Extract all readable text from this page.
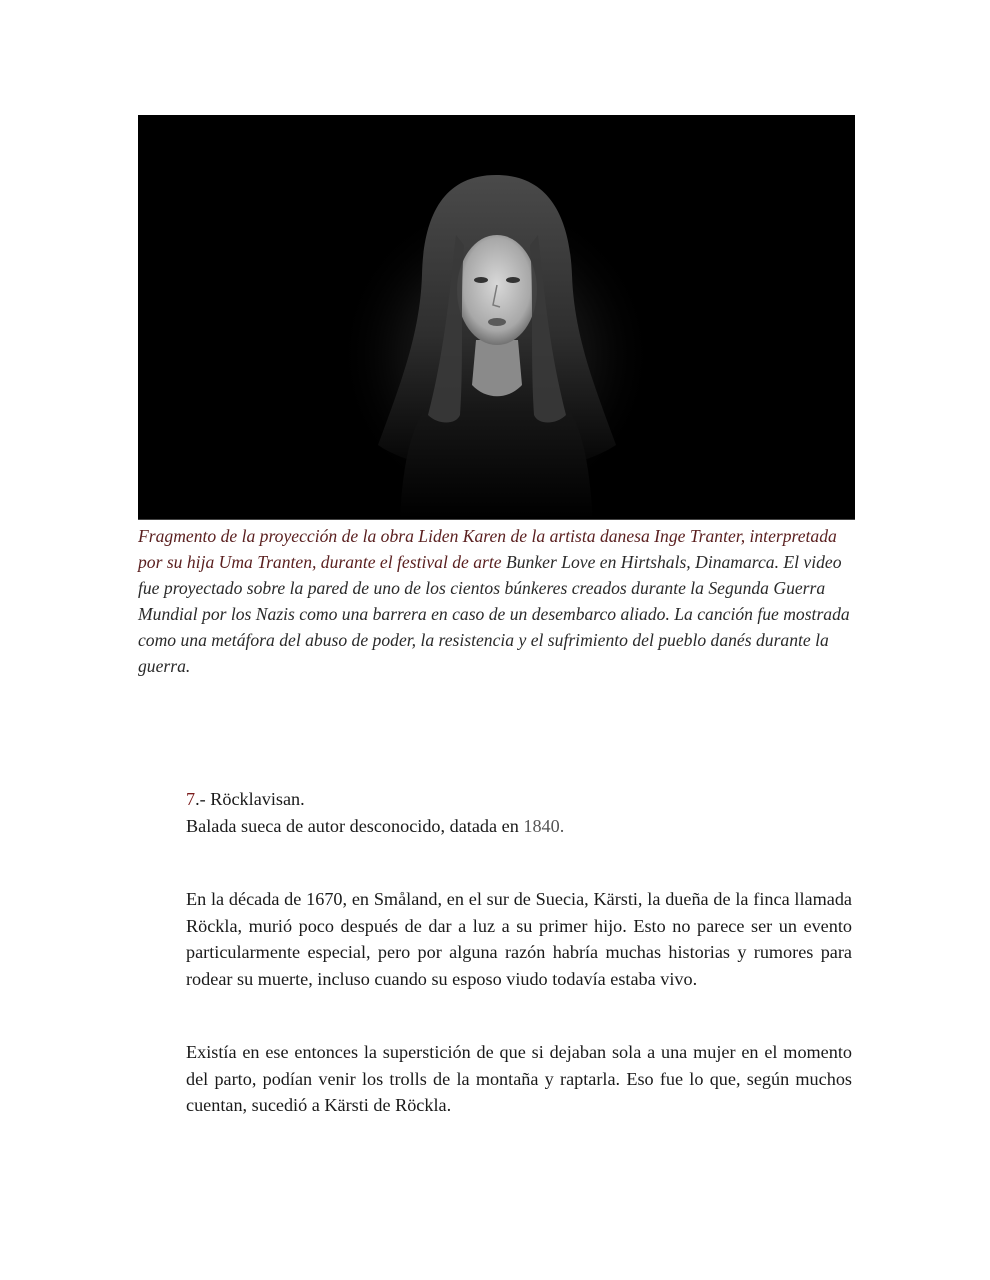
Fragmento de la proyección de la obra Liden Karen de la artista danesa Inge Tranter, interpretada por su hija Uma Tranten, durante el festival de arte Bunker Love en Hirtshals, Dinamarca. El video fue proyectado sobre la pared de uno de los cientos búnkeres creados durante la Segunda Guerra Mundial por los Nazis como una barrera en caso de un desembarco aliado. La canción fue mostrada como una metáfora del abuso de poder, la resistencia y el sufrimiento del pueblo danés durante la guerra.

7.- Röcklavisan.
Balada sueca de autor desconocido, datada en 1840.

En la década de 1670, en Småland, en el sur de Suecia, Kärsti, la dueña de la finca llamada Röckla, murió poco después de dar a luz a su primer hijo. Esto no parece ser un evento particularmente especial, pero por alguna razón habría muchas historias y rumores para rodear su muerte, incluso cuando su esposo viudo todavía estaba vivo.

Existía en ese entonces la superstición de que si dejaban sola a una mujer en el momento del parto, podían venir los trolls de la montaña y raptarla. Eso fue lo que, según muchos cuentan, sucedió a Kärsti de Röckla.
